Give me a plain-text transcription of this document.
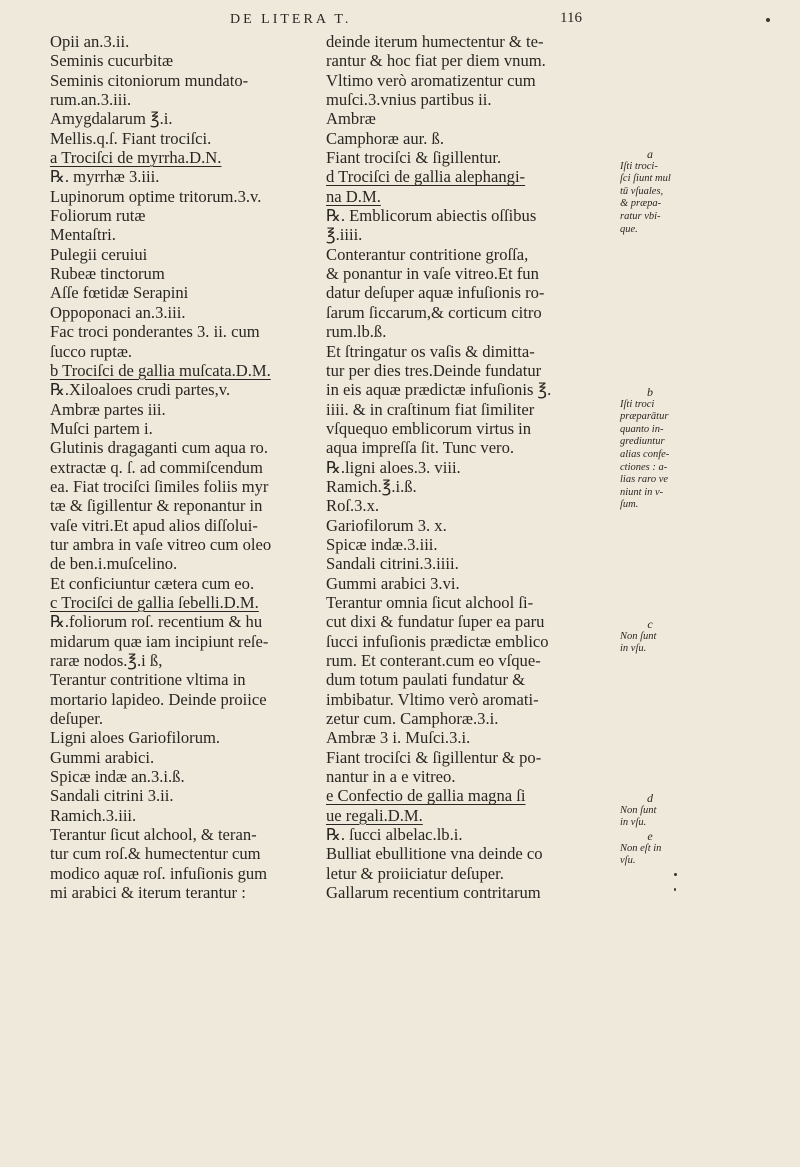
DE LITERA T.	116
Opii an.3.ii.
Seminis cucurbitæ
Seminis citoniorum mundato-
rum.an.3.iii.
Amygdalarum ℥.i.
Mellis.q.ſ. Fiant trociſci.
a Trociſci de myrrha.D.N.
℞. myrrhæ 3.iii.
Lupinorum optime tritorum.3.v.
Foliorum rutæ
Mentaſtri.
Pulegii ceruiui
Rubeæ tinctorum
Aſſe fœtidæ Serapini
Oppoponaci an.3.iii.
Fac troci ponderantes 3. ii. cum
ſucco ruptæ.
b Trociſci de gallia muſcata.D.M.
℞.Xiloaloes crudi partes,v.
Ambræ partes iii.
Muſci partem i.
Glutinis dragaganti cum aqua ro.
extractæ q. ſ. ad commiſcendum
ea. Fiat trociſci ſimiles foliis myr
tæ & ſigillentur & reponantur in
vaſe vitri.Et apud alios diſſolui-
tur ambra in vaſe vitreo cum oleo
de ben.i.muſcelino.
Et conficiuntur cætera cum eo.
c Trociſci de gallia ſebelli.D.M.
℞.foliorum roſ. recentium & hu
midarum quæ iam incipiunt reſe-
raræ nodos.℥.i ß,
Terantur contritione vltima in
mortario lapideo. Deinde proiice
deſuper.
Ligni aloes Gariofilorum.
Gummi arabici.
Spicæ indæ an.3.i.ß.
Sandali citrini 3.ii.
Ramich.3.iii.
Terantur ſicut alchool, & teran-
tur cum roſ.& humectentur cum
modico aquæ roſ. infuſionis gum
mi arabici & iterum terantur :
deinde iterum humectentur & te-
rantur & hoc fiat per diem vnum.
Vltimo verò aromatizentur cum
muſci.3.vnius partibus ii.
Ambræ
Camphoræ aur. ß.
Fiant trociſci & ſigillentur.
d Trociſci de gallia alephangi-
na D.M.
℞. Emblicorum abiectis oſſibus
℥.iiii.
Conterantur contritione groſſa,
& ponantur in vaſe vitreo.Et fun
datur deſuper aquæ infuſionis ro-
ſarum ſiccarum,& corticum citro
rum.lb.ß.
Et ſtringatur os vaſis & dimitta-
tur per dies tres.Deinde fundatur
in eis aquæ prædictæ infuſionis ℥.
iiii. & in craſtinum fiat ſimiliter
vſquequo emblicorum virtus in
aqua impreſſa ſit. Tunc vero.
℞.ligni aloes.3. viii.
Ramich.℥.i.ß.
Roſ.3.x.
Gariofilorum 3. x.
Spicæ indæ.3.iii.
Sandali citrini.3.iiii.
Gummi arabici 3.vi.
Terantur omnia ſicut alchool ſi-
cut dixi & fundatur ſuper ea paru
ſucci infuſionis prædictæ emblico
rum. Et conterant.cum eo vſque-
dum totum paulati fundatur &
imbibatur. Vltimo verò aromati-
zetur cum. Camphoræ.3.i.
Ambræ 3 i. Muſci.3.i.
Fiant trociſci & ſigillentur & po-
nantur in a e vitreo.
e Confectio de gallia magna ſi
ue regali.D.M.
℞. ſucci albelac.lb.i.
Bulliat ebullitione vna deinde co
letur & proiiciatur deſuper.
Gallarum recentium contritarum
a
Iſti troci-
ſci ſiunt mul
tū vſuales,
& præpa-
ratur vbi-
que.
b
Iſti troci
præparātur
quanto in-
grediuntur
alias confe-
ctiones : a-
lias raro ve
niunt in v-
ſum.
c
Non ſunt
in vſu.
d
Non ſunt
in vſu.
e
Non eſt in
vſu.
